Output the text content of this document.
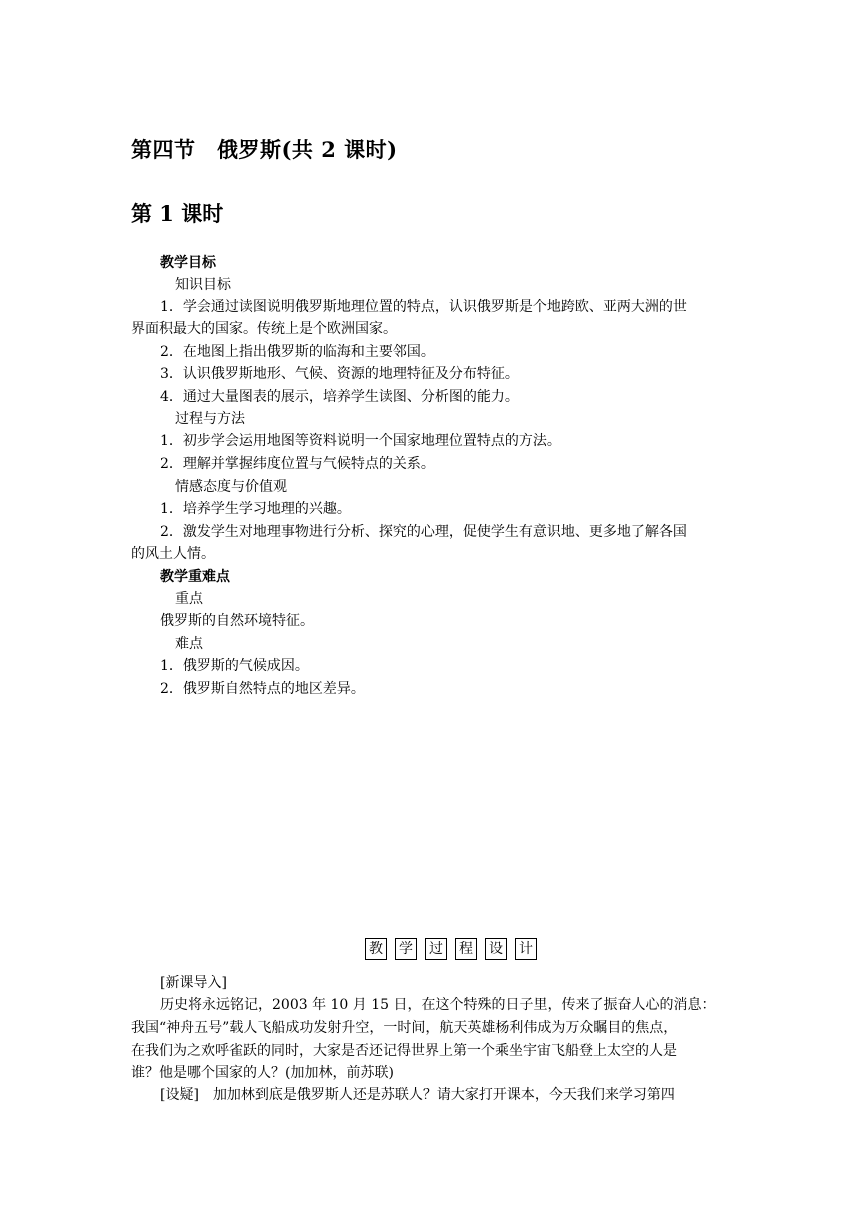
第四节　俄罗斯(共 2 课时)
第 1 课时
教学目标
知识目标
1．学会通过读图说明俄罗斯地理位置的特点，认识俄罗斯是个地跨欧、亚两大洲的世
界面积最大的国家。传统上是个欧洲国家。
2．在地图上指出俄罗斯的临海和主要邻国。
3．认识俄罗斯地形、气候、资源的地理特征及分布特征。
4．通过大量图表的展示，培养学生读图、分析图的能力。
过程与方法
1．初步学会运用地图等资料说明一个国家地理位置特点的方法。
2．理解并掌握纬度位置与气候特点的关系。
情感态度与价值观
1．培养学生学习地理的兴趣。
2．激发学生对地理事物进行分析、探究的心理，促使学生有意识地、更多地了解各国
的风土人情。
教学重难点
重点
俄罗斯的自然环境特征。
难点
1．俄罗斯的气候成因。
2．俄罗斯自然特点的地区差异。
教 学 过 程 设 计
[新课导入]
历史将永远铭记，2003 年 10 月 15 日，在这个特殊的日子里，传来了振奋人心的消息：
我国“神舟五号”载人飞船成功发射升空，一时间，航天英雄杨利伟成为万众瞩目的焦点，
在我们为之欢呼雀跃的同时，大家是否还记得世界上第一个乘坐宇宙飞船登上太空的人是
谁？他是哪个国家的人？(加加林，前苏联)
[设疑] 加加林到底是俄罗斯人还是苏联人？请大家打开课本，今天我们来学习第四
